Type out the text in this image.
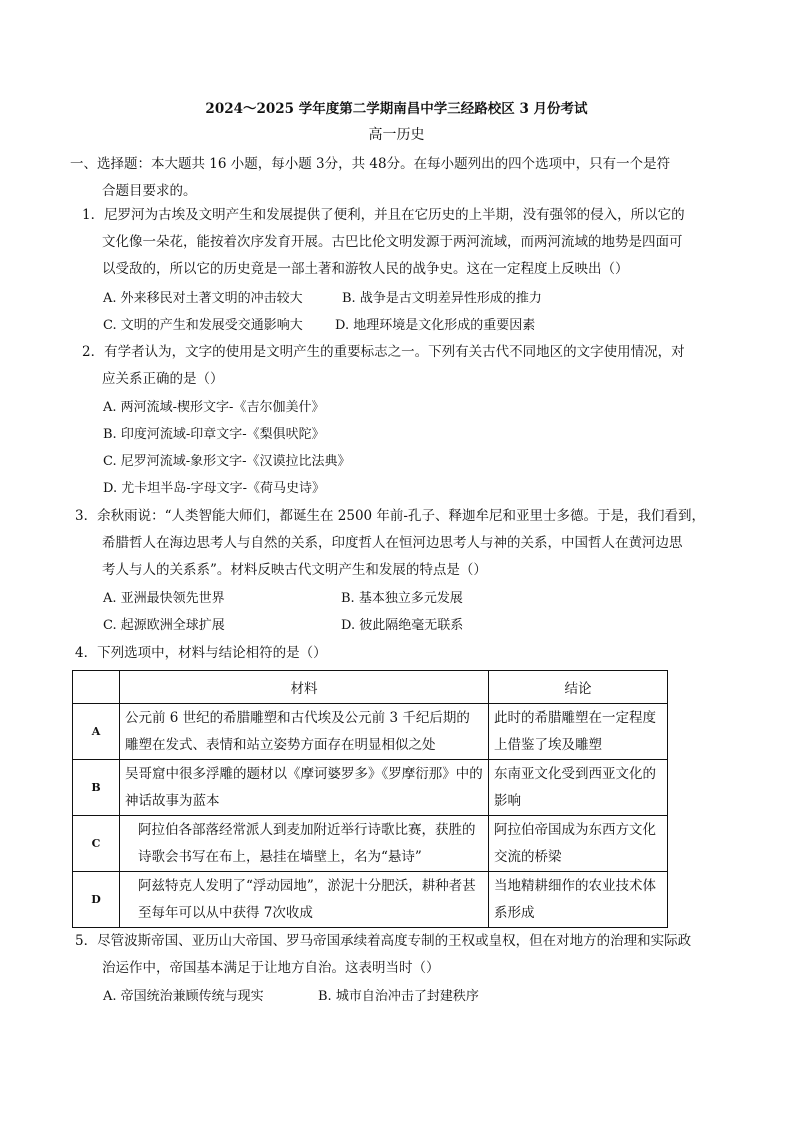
2024～2025 学年度第二学期南昌中学三经路校区 3 月份考试
高一历史
一、选择题：本大题共 16 小题，每小题 3分，共 48分。在每小题列出的四个选项中，只有一个是符
合题目要求的。
1．尼罗河为古埃及文明产生和发展提供了便利，并且在它历史的上半期，没有强邻的侵入，所以它的
文化像一朵花，能按着次序发育开展。古巴比伦文明发源于两河流域，而两河流域的地势是四面可
以受敌的，所以它的历史竟是一部土著和游牧人民的战争史。这在一定程度上反映出（）
A. 外来移民对土著文明的冲击较大	B. 战争是古文明差异性形成的推力
C. 文明的产生和发展受交通影响大 D. 地理环境是文化形成的重要因素
2．有学者认为，文字的使用是文明产生的重要标志之一。下列有关古代不同地区的文字使用情况，对
应关系正确的是（）
A. 两河流域-楔形文字-《吉尔伽美什》
B. 印度河流域-印章文字-《梨俱吠陀》
C. 尼罗河流域-象形文字-《汉谟拉比法典》
D. 尤卡坦半岛-字母文字-《荷马史诗》
3．余秋雨说：“人类智能大师们，都诞生在 2500 年前-孔子、释迦牟尼和亚里士多德。于是，我们看到，
希腊哲人在海边思考人与自然的关系，印度哲人在恒河边思考人与神的关系，中国哲人在黄河边思
考人与人的关系系”。材料反映古代文明产生和发展的特点是（）
A. 亚洲最快领先世界	B. 基本独立多元发展
C. 起源欧洲全球扩展	D. 彼此隔绝毫无联系
4．下列选项中，材料与结论相符的是（）
	材料	结论
A	公元前 6 世纪的希腊雕塑和古代埃及公元前 3 千纪后期的雕塑在发式、表情和站立姿势方面存在明显相似之处	此时的希腊雕塑在一定程度上借鉴了埃及雕塑
B	吴哥窟中很多浮雕的题材以《摩诃婆罗多》《罗摩衍那》中的神话故事为蓝本	东南亚文化受到西亚文化的影响
C	阿拉伯各部落经常派人到麦加附近举行诗歌比赛，获胜的诗歌会书写在布上，悬挂在墙壁上，名为“悬诗”	阿拉伯帝国成为东西方文化交流的桥梁
D	阿兹特克人发明了“浮动园地”，淤泥十分肥沃，耕种者甚至每年可以从中获得 7次收成	当地精耕细作的农业技术体系形成
5．尽管波斯帝国、亚历山大帝国、罗马帝国承续着高度专制的王权或皇权，但在对地方的治理和实际政
治运作中，帝国基本满足于让地方自治。这表明当时（）
A. 帝国统治兼顾传统与现实	B. 城市自治冲击了封建秩序
